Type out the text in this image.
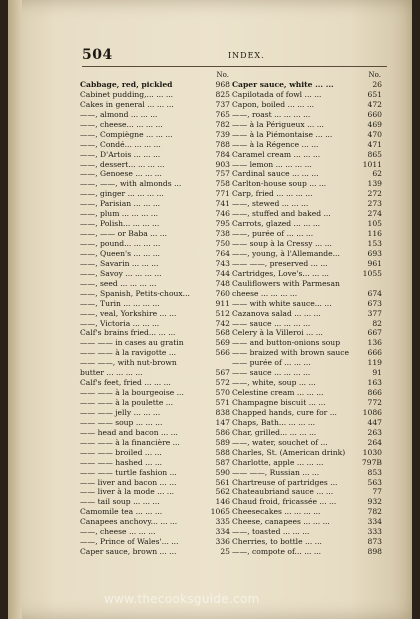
504	INDEX.
No.
Cabbage, red, pickled	968
Cabinet pudding,... ... ...	825
Cakes in general ... ... ...	737
——, almond ... ... ...	765
——, cheese... ... ... ...	782
——, Compiègne ... ... ...	739
——, Condé... ... ... ...	788
——, D'Artois ... ... ...	784
——, dessert... ... ... ...	903
——, Genoese ... ... ...	757
——, ——, with almonds ...	758
——, ginger ... ... ... ...	771
——, Parisian ... ... ...	741
——, plum ... ... ... ...	746
——, Polish... ... ... ...	795
——, —— or Baba ... ...	738
——, pound... ... ... ...	750
——, Queen's ... ... ...	764
——, Savarin ... ... ...	743
——, Savoy ... ... ... ...	744
——, seed ... ... ... ...	748
——, Spanish, Petits-choux...	760
——, Turin ... ... ... ...	911
——, veal, Yorkshire ... ...	512
——, Victoria ... ... ...	742
Calf's brains fried... ... ...	568
—— —— in cases au gratin	569
—— —— à la ravigotte ...	566
—— ——, with nut-brown
butter ... ... ... ...	567
Calf's feet, fried ... ... ...	572
—— —— à la bourgeoise ...	570
—— —— à la poulette ...	571
—— —— jelly ... ... ...	838
—— —— soup ... ... ...	147
—— head and bacon ... ...	586
—— —— à la financière ...	589
—— —— broiled ... ...	588
—— —— hashed ... ...	587
—— —— turtle fashion ...	590
—— liver and bacon ... ...	561
—— liver à la mode ... ...	562
—— tail soup ... ... ...	146
Camomile tea ... ... ...	1065
Canapees anchovy... ... ...	335
——, cheese ... ... ...	334
——, Prince of Wales'... ...	336
Caper sauce, brown ... ...	25
No.
Caper sauce, white ... ...	26
Capilotada of fowl ... ...	651
Capon, boiled ... ... ...	472
——, roast ... ... ... ...	660
—— à la Périgueux ... ...	469
—— à la Piémontaise ... ...	470
—— à la Régence ... ...	471
Caramel cream ... ... ...	865
—— lemon ... ... ... ...	1011
Cardinal sauce ... ... ...	62
Carlton-house soup ... ...	139
Carp, fried ... ... ... ...	272
——, stewed ... ... ...	273
——, stuffed and baked ...	274
Carrots, glazed ... ... ...	105
——, purée of ... ... ...	116
—— soup à la Cressy ... ...	153
——, young, à l'Allemande...	693
—— ——, preserved ... ...	961
Cartridges, Love's... ... ...	1055
Cauliflowers with Parmesan
cheese ... ... ... ...	674
—— with white sauce... ...	673
Cazanova salad ... ... ...	377
—— sauce ... ... ... ...	82
Celery à la Villeroi ... ...	667
—— and button-onions soup	136
—— braized with brown sauce 666
—— purée of ... ... ...	119
—— sauce ... ... ... ...	91
——, white, soup ... ...	163
Celestine cream ... ... ...	866
Champagne biscuit ... ...	772
Chapped hands, cure for ...	1086
Chaps, Bath... ... ... ...	447
Char, grilled... ... ... ...	263
——, water, souchet of ...	264
Charles, St. (American drink) 1030
Charlotte, apple ... ... ...	797B
—— ——, Russian ... ...	853
Chartreuse of partridges ...	563
Chateaubriand sauce ... ...	77
Chaud froid, fricassée ... ...	932
Cheesecakes ... ... ... ...	782
Cheese, canapees ... ... ...	334
——, toasted ... ... ...	333
Cherries, to bottle ... ...	873
——, compote of... ... ...	898
www.thecooksguide.com
